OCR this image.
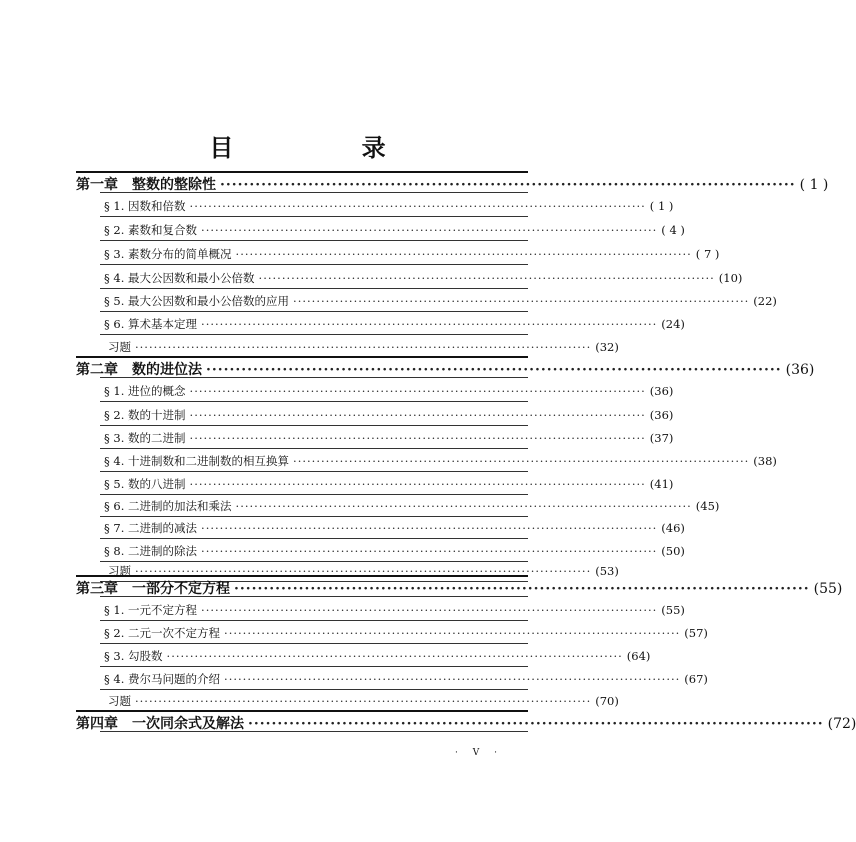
目 录
第一章　整数的整除性 ·································································································· ( 1 )
§ 1. 因数和倍数 ·································································································· ( 1 )
§ 2. 素数和复合数 ·································································································· ( 4 )
§ 3. 素数分布的简单概况 ·································································································· ( 7 )
§ 4. 最大公因数和最小公倍数 ·································································································· (10)
§ 5. 最大公因数和最小公倍数的应用 ·································································································· (22)
§ 6. 算术基本定理 ·································································································· (24)
习题 ·································································································· (32)
第二章　数的进位法 ·································································································· (36)
§ 1. 进位的概念 ·································································································· (36)
§ 2. 数的十进制 ·································································································· (36)
§ 3. 数的二进制 ·································································································· (37)
§ 4. 十进制数和二进制数的相互换算 ·································································································· (38)
§ 5. 数的八进制 ·································································································· (41)
§ 6. 二进制的加法和乘法 ·································································································· (45)
§ 7. 二进制的减法 ·································································································· (46)
§ 8. 二进制的除法 ·································································································· (50)
习题 ·································································································· (53)
第三章　一部分不定方程 ·································································································· (55)
§ 1. 一元不定方程 ·································································································· (55)
§ 2. 二元一次不定方程 ·································································································· (57)
§ 3. 勾股数 ·································································································· (64)
§ 4. 费尔马问题的介绍 ·································································································· (67)
习题 ·································································································· (70)
第四章　一次同余式及解法 ·································································································· (72)
· V ·
